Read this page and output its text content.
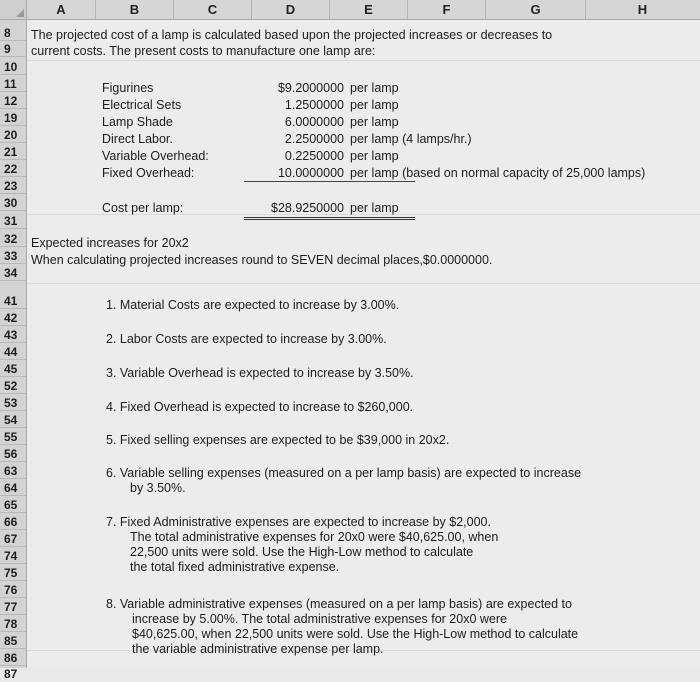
A	B	C	D	E	F	G	H
8
9
10
11
12
19
20
21
22
23
30
31
32
33
34
41
42
43
44
45
52
53
54
55
56
63
64
65
66
67
74
75
76
77
78
85
86
87
The projected cost of a lamp is calculated based upon the projected increases or decreases to
current costs. The present costs to manufacture one lamp are:
Figurines	$9.2000000 per lamp
Electrical Sets	1.2500000 per lamp
Lamp Shade	6.0000000 per lamp
Direct Labor.	2.2500000 per lamp (4 lamps/hr.)
Variable Overhead:	0.2250000 per lamp
Fixed Overhead:	10.0000000 per lamp (based on normal capacity of 25,000 lamps)
Cost per lamp:	$28.9250000 per lamp
Expected increases for 20x2
When calculating projected increases round to SEVEN decimal places,$0.0000000.
1. Material Costs are expected to increase by 3.00%.
2. Labor Costs are expected to increase by 3.00%.
3. Variable Overhead is expected to increase by 3.50%.
4. Fixed Overhead is expected to increase to $260,000.
5. Fixed selling expenses are expected to be $39,000 in 20x2.
6. Variable selling expenses (measured on a per lamp basis) are expected to increase
by 3.50%.
7. Fixed Administrative expenses are expected to increase by $2,000.
The total administrative expenses for 20x0 were $40,625.00, when
22,500 units were sold. Use the High-Low method to calculate
the total fixed administrative expense.
8. Variable administrative expenses (measured on a per lamp basis) are expected to
increase by 5.00%. The total administrative expenses for 20x0 were
$40,625.00, when 22,500 units were sold. Use the High-Low method to calculate
the variable administrative expense per lamp.
